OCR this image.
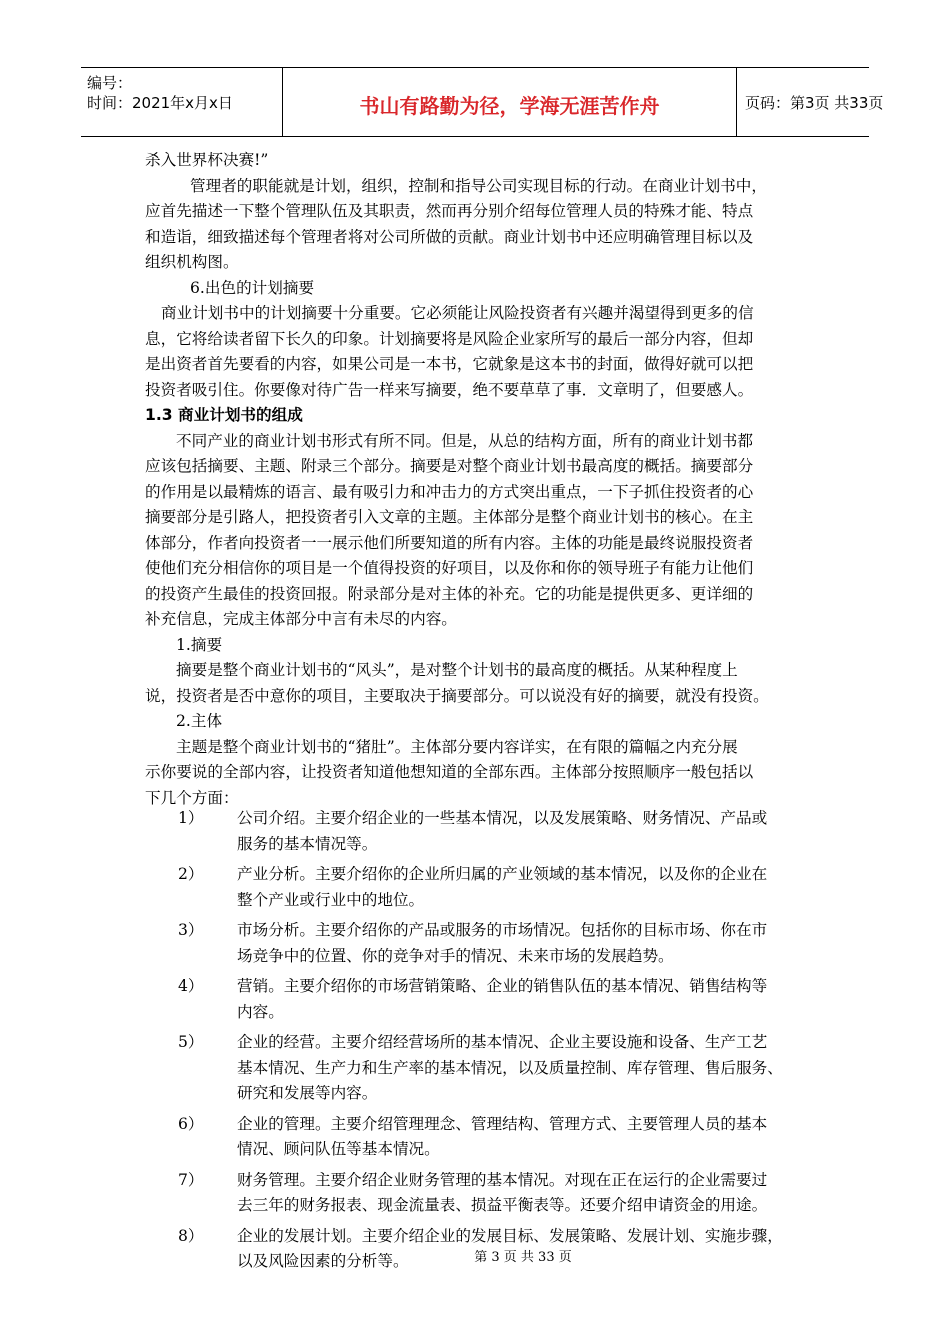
编号：
时间：2021年x月x日	书山有路勤为径，学海无涯苦作舟	页码：第3页 共33页
杀入世界杯决赛!”
管理者的职能就是计划，组织，控制和指导公司实现目标的行动。在商业计划书中，
应首先描述一下整个管理队伍及其职责，然而再分别介绍每位管理人员的特殊才能、特点
和造诣，细致描述每个管理者将对公司所做的贡献。商业计划书中还应明确管理目标以及
组织机构图。
6.出色的计划摘要
商业计划书中的计划摘要十分重要。它必须能让风险投资者有兴趣并渴望得到更多的信
息，它将给读者留下长久的印象。计划摘要将是风险企业家所写的最后一部分内容，但却
是出资者首先要看的内容，如果公司是一本书，它就象是这本书的封面，做得好就可以把
投资者吸引住。你要像对待广告一样来写摘要，绝不要草草了事．文章明了，但要感人。
1.3 商业计划书的组成
不同产业的商业计划书形式有所不同。但是，从总的结构方面，所有的商业计划书都
应该包括摘要、主题、附录三个部分。摘要是对整个商业计划书最高度的概括。摘要部分
的作用是以最精炼的语言、最有吸引力和冲击力的方式突出重点，一下子抓住投资者的心
摘要部分是引路人，把投资者引入文章的主题。主体部分是整个商业计划书的核心。在主
体部分，作者向投资者一一展示他们所要知道的所有内容。主体的功能是最终说服投资者
使他们充分相信你的项目是一个值得投资的好项目，以及你和你的领导班子有能力让他们
的投资产生最佳的投资回报。附录部分是对主体的补充。它的功能是提供更多、更详细的
补充信息，完成主体部分中言有未尽的内容。
1.摘要
摘要是整个商业计划书的“风头”，是对整个计划书的最高度的概括。从某种程度上
说，投资者是否中意你的项目，主要取决于摘要部分。可以说没有好的摘要，就没有投资。
2.主体
主题是整个商业计划书的“猪肚”。主体部分要内容详实，在有限的篇幅之内充分展
示你要说的全部内容，让投资者知道他想知道的全部东西。主体部分按照顺序一般包括以
下几个方面：
1） 公司介绍。主要介绍企业的一些基本情况，以及发展策略、财务情况、产品或
服务的基本情况等。
2） 产业分析。主要介绍你的企业所归属的产业领域的基本情况，以及你的企业在
整个产业或行业中的地位。
3） 市场分析。主要介绍你的产品或服务的市场情况。包括你的目标市场、你在市
场竞争中的位置、你的竞争对手的情况、未来市场的发展趋势。
4） 营销。主要介绍你的市场营销策略、企业的销售队伍的基本情况、销售结构等
内容。
5） 企业的经营。主要介绍经营场所的基本情况、企业主要设施和设备、生产工艺
基本情况、生产力和生产率的基本情况，以及质量控制、库存管理、售后服务、
研究和发展等内容。
6） 企业的管理。主要介绍管理理念、管理结构、管理方式、主要管理人员的基本
情况、顾问队伍等基本情况。
7） 财务管理。主要介绍企业财务管理的基本情况。对现在正在运行的企业需要过
去三年的财务报表、现金流量表、损益平衡表等。还要介绍申请资金的用途。
8） 企业的发展计划。主要介绍企业的发展目标、发展策略、发展计划、实施步骤，
以及风险因素的分析等。	第 3 页 共 33 页
